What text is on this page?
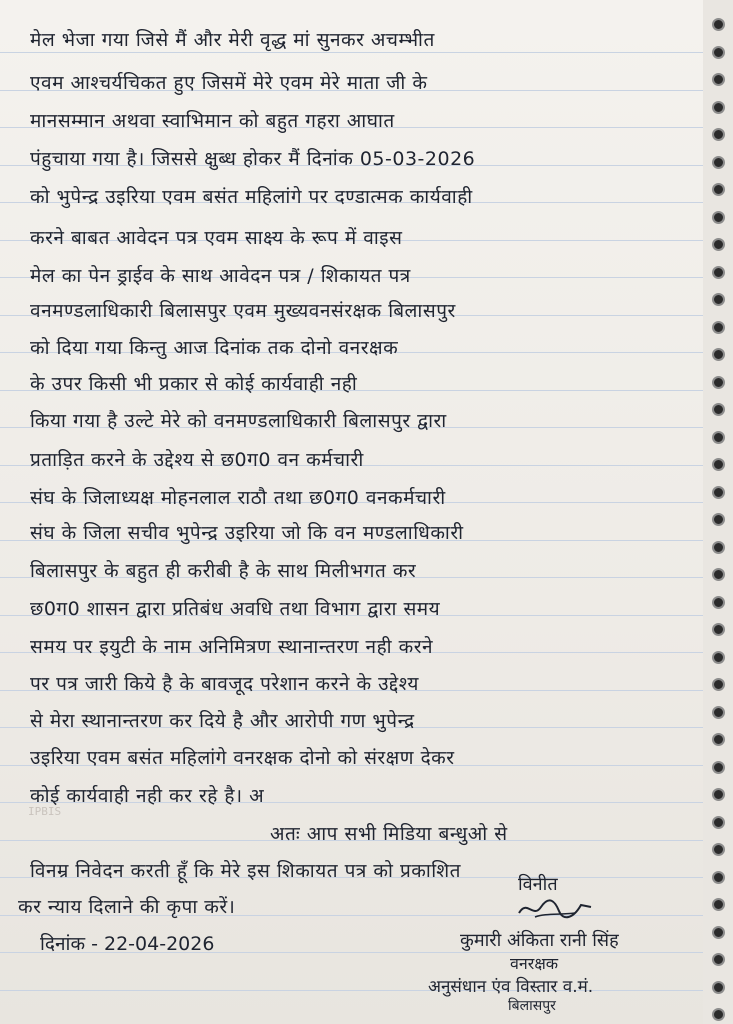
मेल भेजा गया जिसे मैं और मेरी वृद्ध मां सुनकर अचम्भीत
एवम आश्चर्यचिकत हुए जिसमें मेरे एवम मेरे माता जी के
मानसम्मान अथवा स्वाभिमान को बहुत गहरा आघात
पंहुचाया गया है। जिससे क्षुब्ध होकर मैं दिनांक 05-03-2026
को भुपेन्द्र उइरिया एवम बसंत महिलांगे पर दण्डात्मक कार्यवाही
करने बाबत आवेदन पत्र एवम साक्ष्य के रूप में वाइस
मेल का पेन ड्राईव के साथ आवेदन पत्र / शिकायत पत्र
वनमण्डलाधिकारी बिलासपुर एवम मुख्यवनसंरक्षक बिलासपुर
को दिया गया किन्तु आज दिनांक तक दोनो वनरक्षक
के उपर किसी भी प्रकार से कोई कार्यवाही नही
किया गया है उल्टे मेरे को वनमण्डलाधिकारी बिलासपुर द्वारा
प्रताड़ित करने के उद्देश्य से छ0ग0 वन कर्मचारी
संघ के जिलाध्यक्ष मोहनलाल राठौ तथा छ0ग0 वनकर्मचारी
संघ के जिला सचीव भुपेन्द्र उइरिया जो कि वन मण्डलाधिकारी
बिलासपुर के बहुत ही करीबी है के साथ मिलीभगत कर
छ0ग0 शासन द्वारा प्रतिबंध अवधि तथा विभाग द्वारा समय
समय पर इयुटी के नाम अनिमित्रण स्थानान्तरण नही करने
पर पत्र जारी किये है के बावजूद परेशान करने के उद्देश्य
से मेरा स्थानान्तरण कर दिये है और आरोपी गण भुपेन्द्र
उइरिया एवम बसंत महिलांगे वनरक्षक दोनो को संरक्षण देकर
कोई कार्यवाही नही कर रहे है। अ
अतः आप सभी मिडिया बन्धुओ से
विनम्र निवेदन करती हूँ कि मेरे इस शिकायत पत्र को प्रकाशित
कर न्याय दिलाने की कृपा करें।
IPBIS
विनीत
दिनांक - 22-04-2026	कुमारी अंकिता रानी सिंह
वनरक्षक
अनुसंधान एंव विस्तार व.मं.
बिलासपुर
